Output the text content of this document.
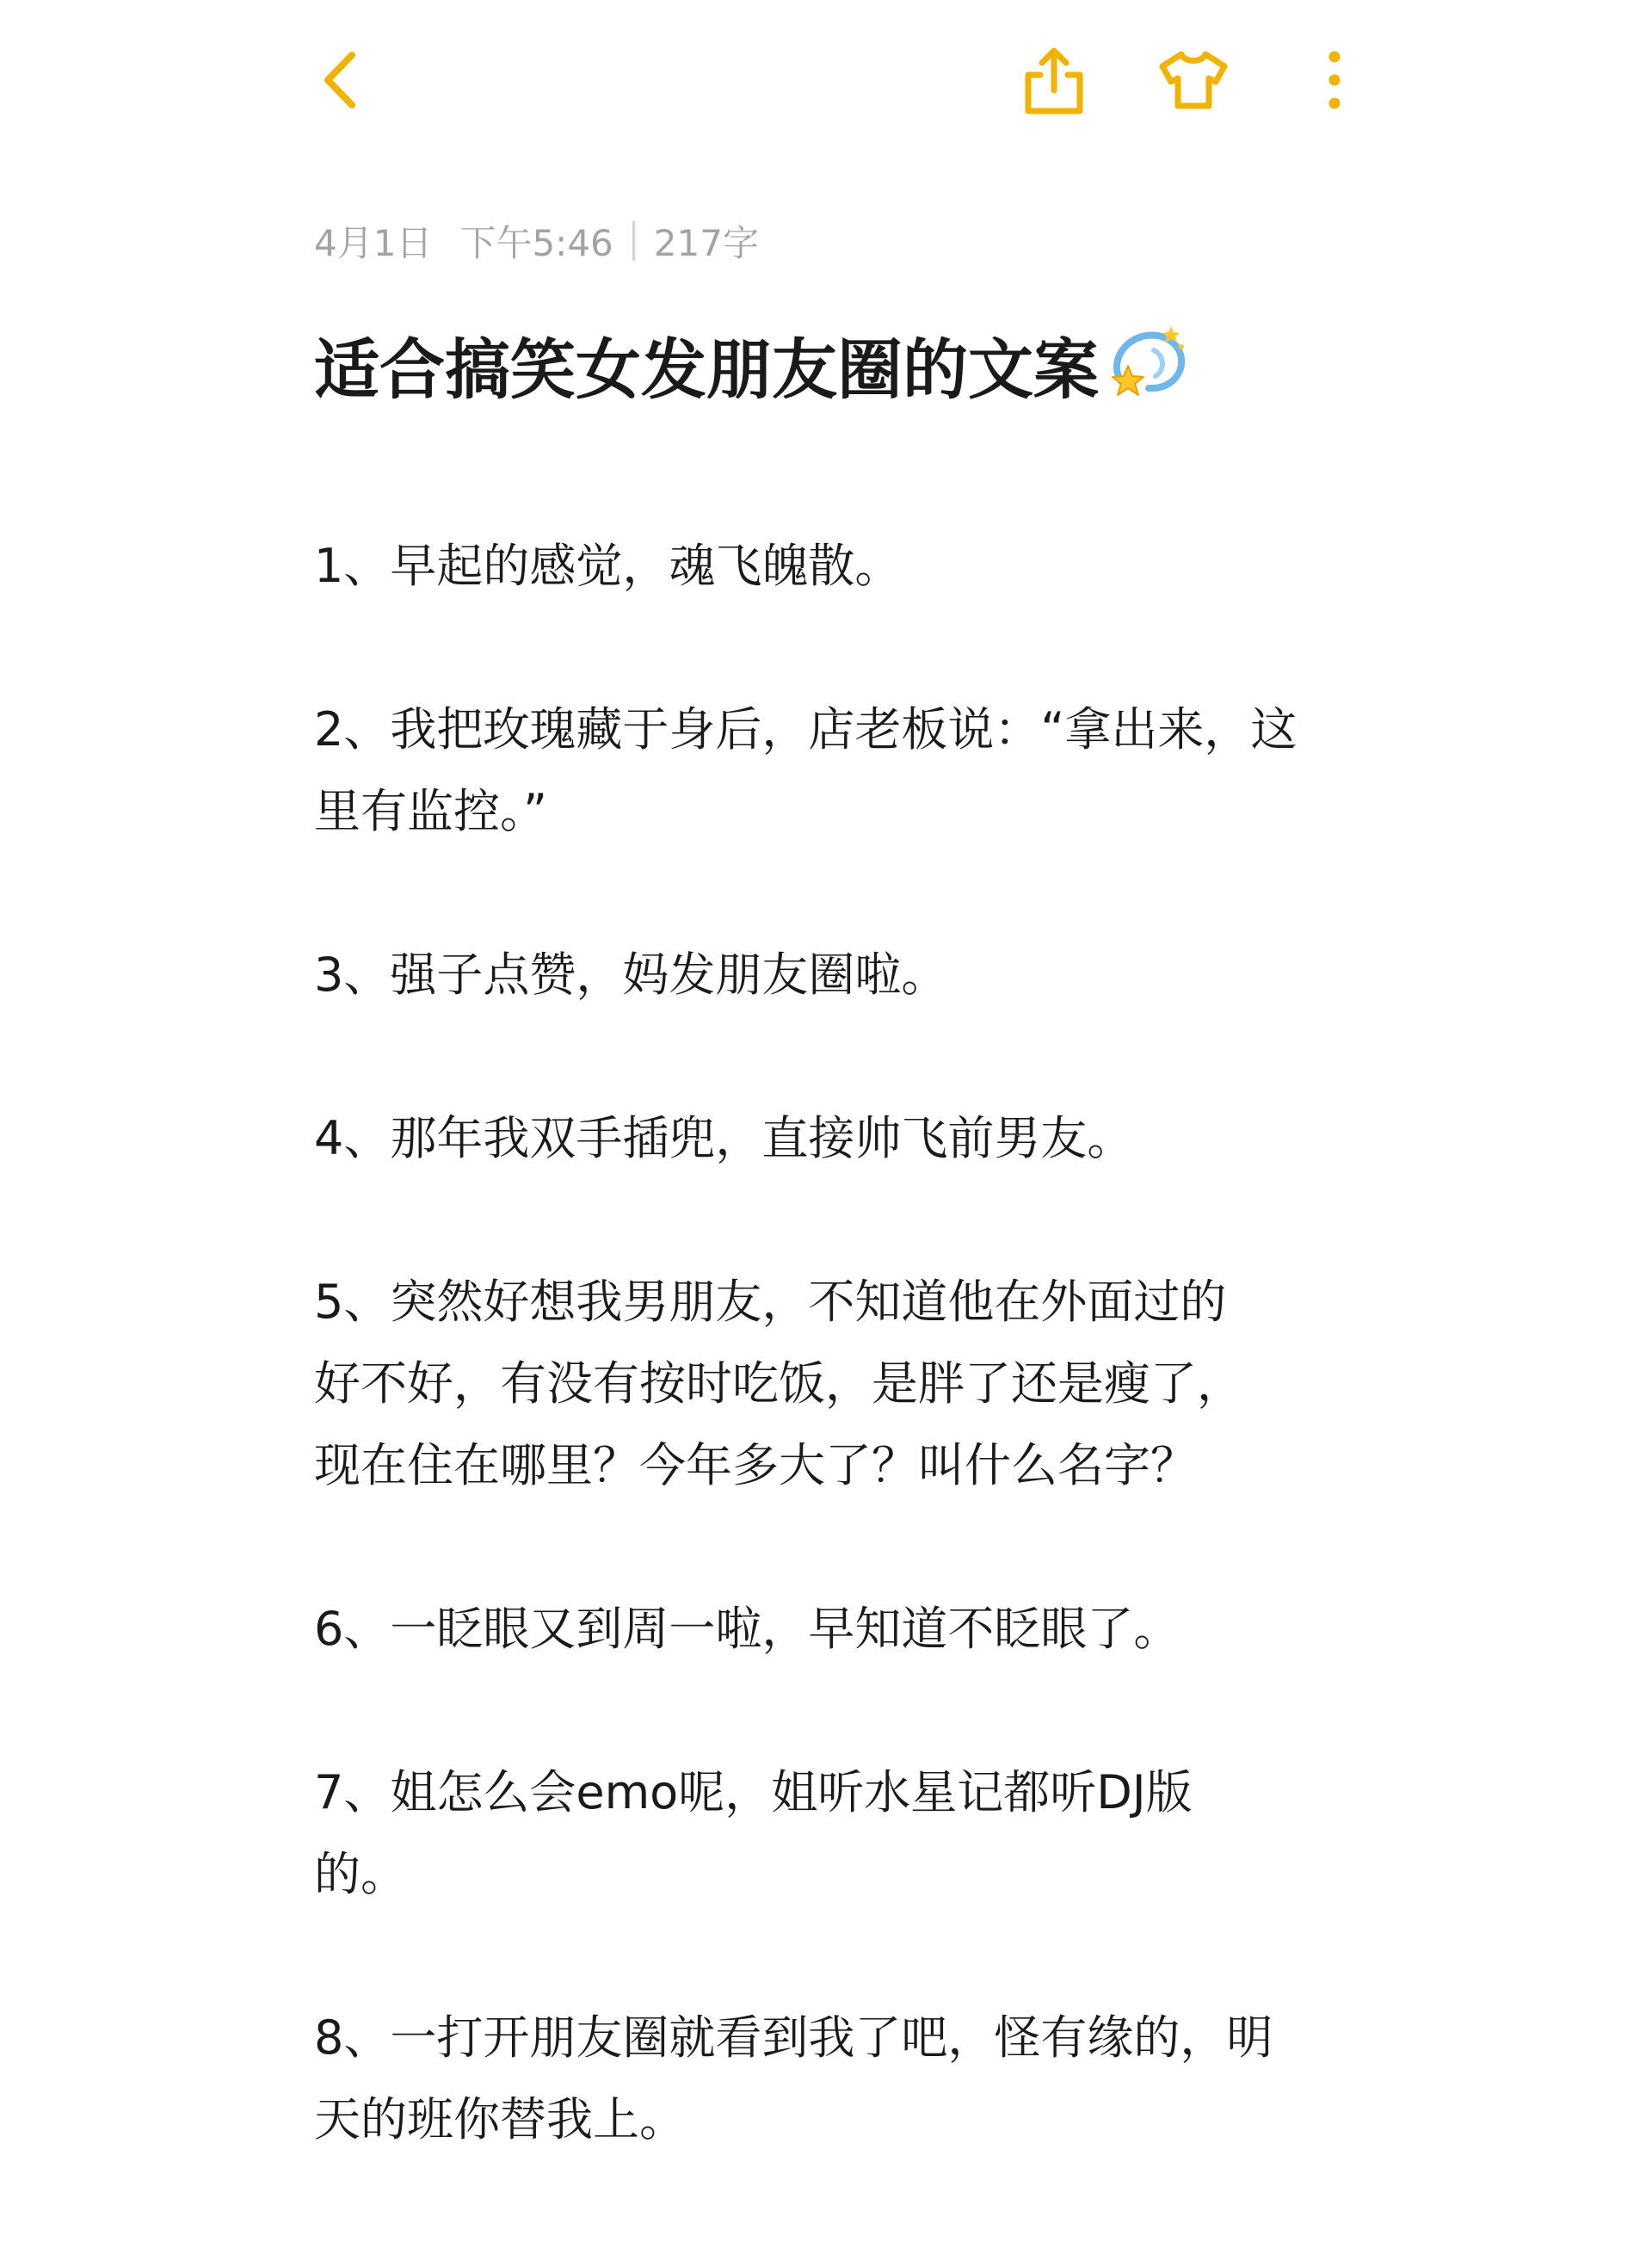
4月1日 下午5:46 217字
适合搞笑女发朋友圈的文案
1、早起的感觉，魂飞魄散。
2、我把玫瑰藏于身后，店老板说：“拿出来，这
里有监控。”
3、强子点赞，妈发朋友圈啦。
4、那年我双手插兜，直接帅飞前男友。
5、突然好想我男朋友，不知道他在外面过的
好不好，有没有按时吃饭，是胖了还是瘦了，
现在住在哪里？今年多大了？叫什么名字？
6、一眨眼又到周一啦，早知道不眨眼了。
7、姐怎么会emo呢，姐听水星记都听DJ版
的。
8、一打开朋友圈就看到我了吧，怪有缘的，明
天的班你替我上。
